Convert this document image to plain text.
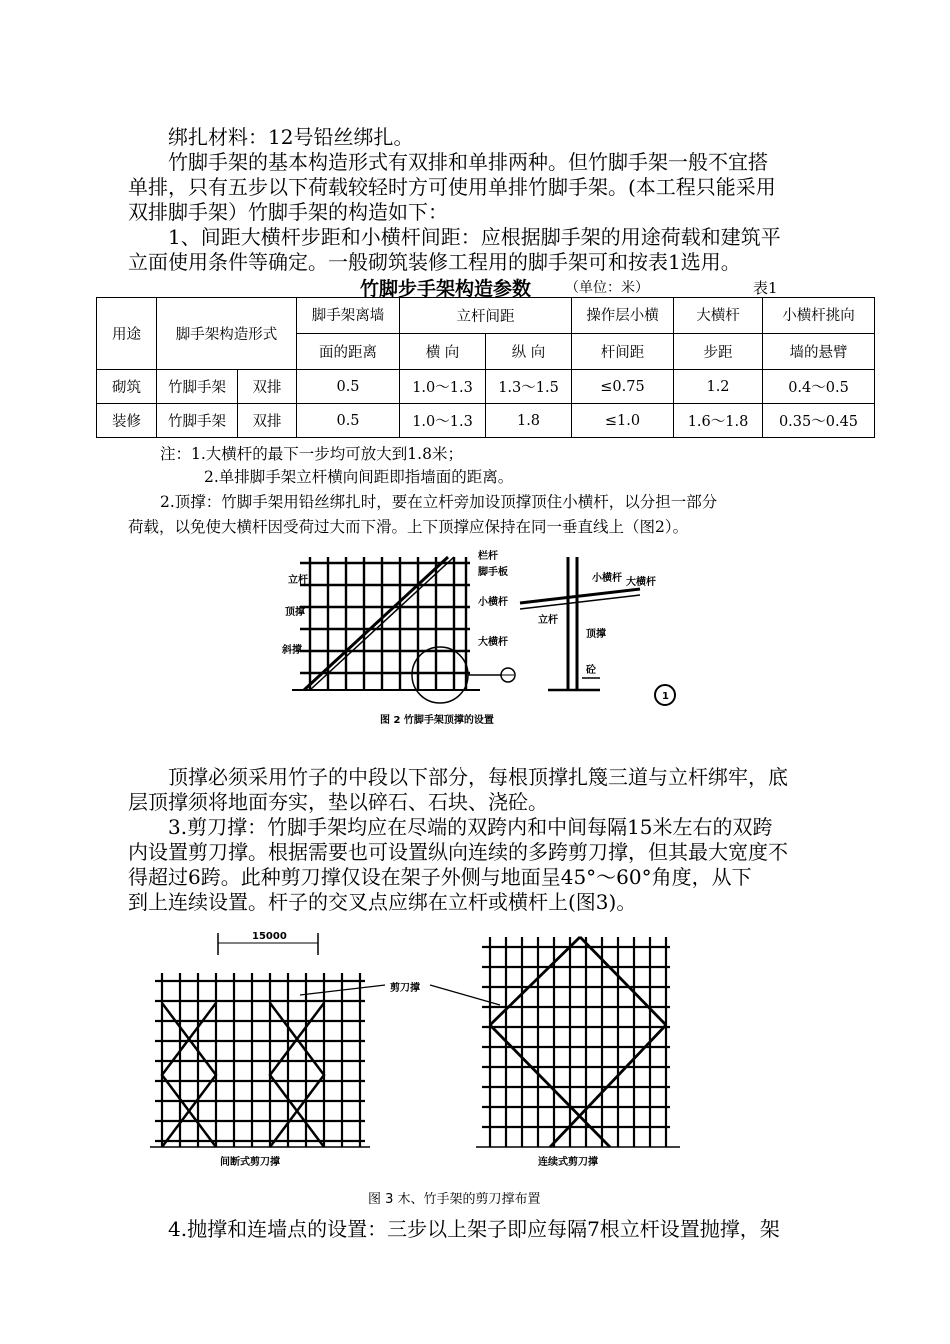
绑扎材料：12号铅丝绑扎。
竹脚手架的基本构造形式有双排和单排两种。但竹脚手架一般不宜搭
单排，只有五步以下荷载较轻时方可使用单排竹脚手架。(本工程只能采用
双排脚手架）竹脚手架的构造如下：
1、间距大横杆步距和小横杆间距：应根据脚手架的用途荷载和建筑平
立面使用条件等确定。一般砌筑装修工程用的脚手架可和按表1选用。
竹脚步手架构造参数 （单位：米）	表1
用途	脚手架构造形式		脚手架离墙	立杆间距		操作层小横	大横杆	小横杆挑向
			面的距离	横 向	纵 向	杆间距	步距	墙的悬臂
砌筑	竹脚手架	双排	0.5	1.0～1.3	1.3～1.5	≤0.75	1.2	0.4～0.5
装修	竹脚手架	双排	0.5	1.0～1.3	1.8	≤1.0	1.6～1.8	0.35～0.45
注：1.大横杆的最下一步均可放大到1.8米；
2.单排脚手架立杆横向间距即指墙面的距离。
2.顶撑：竹脚手架用铅丝绑扎时，要在立杆旁加设顶撑顶住小横杆，以分担一部分
荷载，以免使大横杆因受荷过大而下滑。上下顶撑应保持在同一垂直线上（图2）。
栏杆
脚手板
立杆
小横杆
顶撑
大横杆
斜撑
小横杆 大横杆
立杆
顶撑
砼
1
图 2 竹脚手架顶撑的设置
顶撑必须采用竹子的中段以下部分，每根顶撑扎篾三道与立杆绑牢，底
层顶撑须将地面夯实，垫以碎石、石块、浇砼。
3.剪刀撑：竹脚手架均应在尽端的双跨内和中间每隔15米左右的双跨
内设置剪刀撑。根据需要也可设置纵向连续的多跨剪刀撑，但其最大宽度不
得超过6跨。此种剪刀撑仅设在架子外侧与地面呈45°～60°角度，从下
到上连续设置。杆子的交叉点应绑在立杆或横杆上(图3)。
15000
剪刀撑
间断式剪刀撑	连续式剪刀撑
图 3 木、竹手架的剪刀撑布置
4.抛撑和连墙点的设置：三步以上架子即应每隔7根立杆设置抛撑，架
